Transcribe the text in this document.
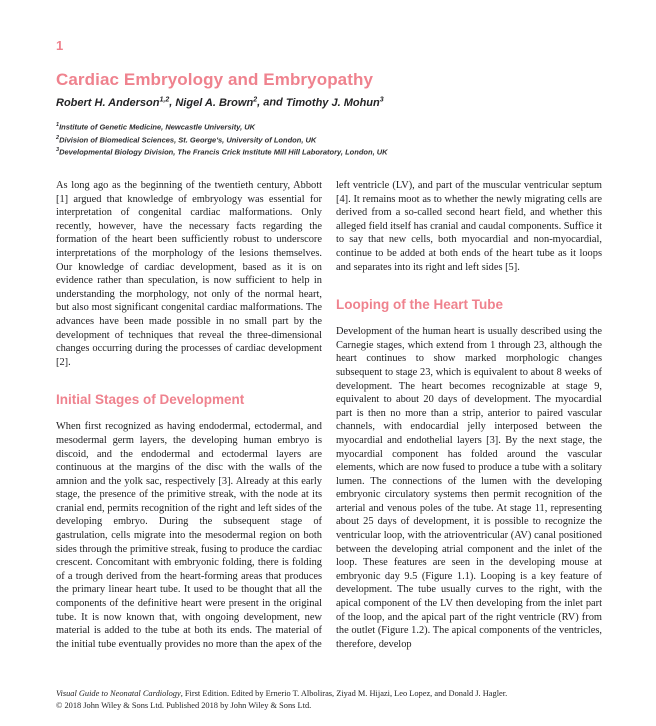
1
Cardiac Embryology and Embryopathy

Robert H. Anderson$^{1,2}$, Nigel A. Brown$^2$, and Timothy J. Mohun$^3$

$^1$Institute of Genetic Medicine, Newcastle University, UK

$^2$Division of Biomedical Sciences, St. George's, University of London, UK

$^3$Developmental Biology Division, The Francis Crick Institute Mill Hill Laboratory, London, UK

As long ago as the beginning of the twentieth century, Abbott [1] argued that knowledge of embryology was essential for interpretation of congenital cardiac malformations. Only recently, however, have the necessary facts regarding the formation of the heart been sufficiently robust to underscore interpretations of the morphology of the lesions themselves. Our knowledge of cardiac development, based as it is on evidence rather than speculation, is now sufficient to help in understanding the morphology, not only of the normal heart, but also most significant congenital cardiac malformations. The advances have been made possible in no small part by the development of techniques that reveal the three-dimensional changes occurring during the processes of cardiac development [2].

Initial Stages of Development

When first recognized as having endodermal, ectodermal, and mesodermal germ layers, the developing human embryo is discoid, and the endodermal and ectodermal layers are continuous at the margins of the disc with the walls of the amnion and the yolk sac, respectively [3]. Already at this early stage, the presence of the primitive streak, with the node at its cranial end, permits recognition of the right and left sides of the developing embryo. During the subsequent stage of gastrulation, cells migrate into the mesodermal region on both sides through the primitive streak, fusing to produce the cardiac crescent. Concomitant with embryonic folding, there is folding of a trough derived from the heart-forming areas that produces the primary linear heart tube. It used to be thought that all the components of the definitive heart were present in the original tube. It is now known that, with ongoing development, new material is added to the tube at both its ends. The material of the initial tube eventually provides no more than the apex of the

left ventricle (LV), and part of the muscular ventricular septum [4]. It remains moot as to whether the newly migrating cells are derived from a so-called second heart field, and whether this alleged field itself has cranial and caudal components. Suffice it to say that new cells, both myocardial and non-myocardial, continue to be added at both ends of the heart tube as it loops and separates into its right and left sides [5].

Looping of the Heart Tube

Development of the human heart is usually described using the Carnegie stages, which extend from 1 through 23, although the heart continues to show marked morphologic changes subsequent to stage 23, which is equivalent to about 8 weeks of development. The heart becomes recognizable at stage 9, equivalent to about 20 days of development. The myocardial part is then no more than a strip, anterior to paired vascular channels, with endocardial jelly interposed between the myocardial and endothelial layers [3]. By the next stage, the myocardial component has folded around the vascular elements, which are now fused to produce a tube with a solitary lumen. The connections of the lumen with the developing embryonic circulatory systems then permit recognition of the arterial and venous poles of the tube. At stage 11, representing about 25 days of development, it is possible to recognize the ventricular loop, with the atrioventricular (AV) canal positioned between the developing atrial component and the inlet of the loop. These features are seen in the developing mouse at embryonic day 9.5 (Figure 1.1). Looping is a key feature of development. The tube usually curves to the right, with the apical component of the LV then developing from the inlet part of the loop, and the apical part of the right ventricle (RV) from the outlet (Figure 1.2). The apical components of the ventricles, therefore, develop

Visual Guide to Neonatal Cardiology, First Edition. Edited by Ernerio T. Alboliras, Ziyad M. Hijazi, Leo Lopez, and Donald J. Hagler.

© 2018 John Wiley & Sons Ltd. Published 2018 by John Wiley & Sons Ltd.
